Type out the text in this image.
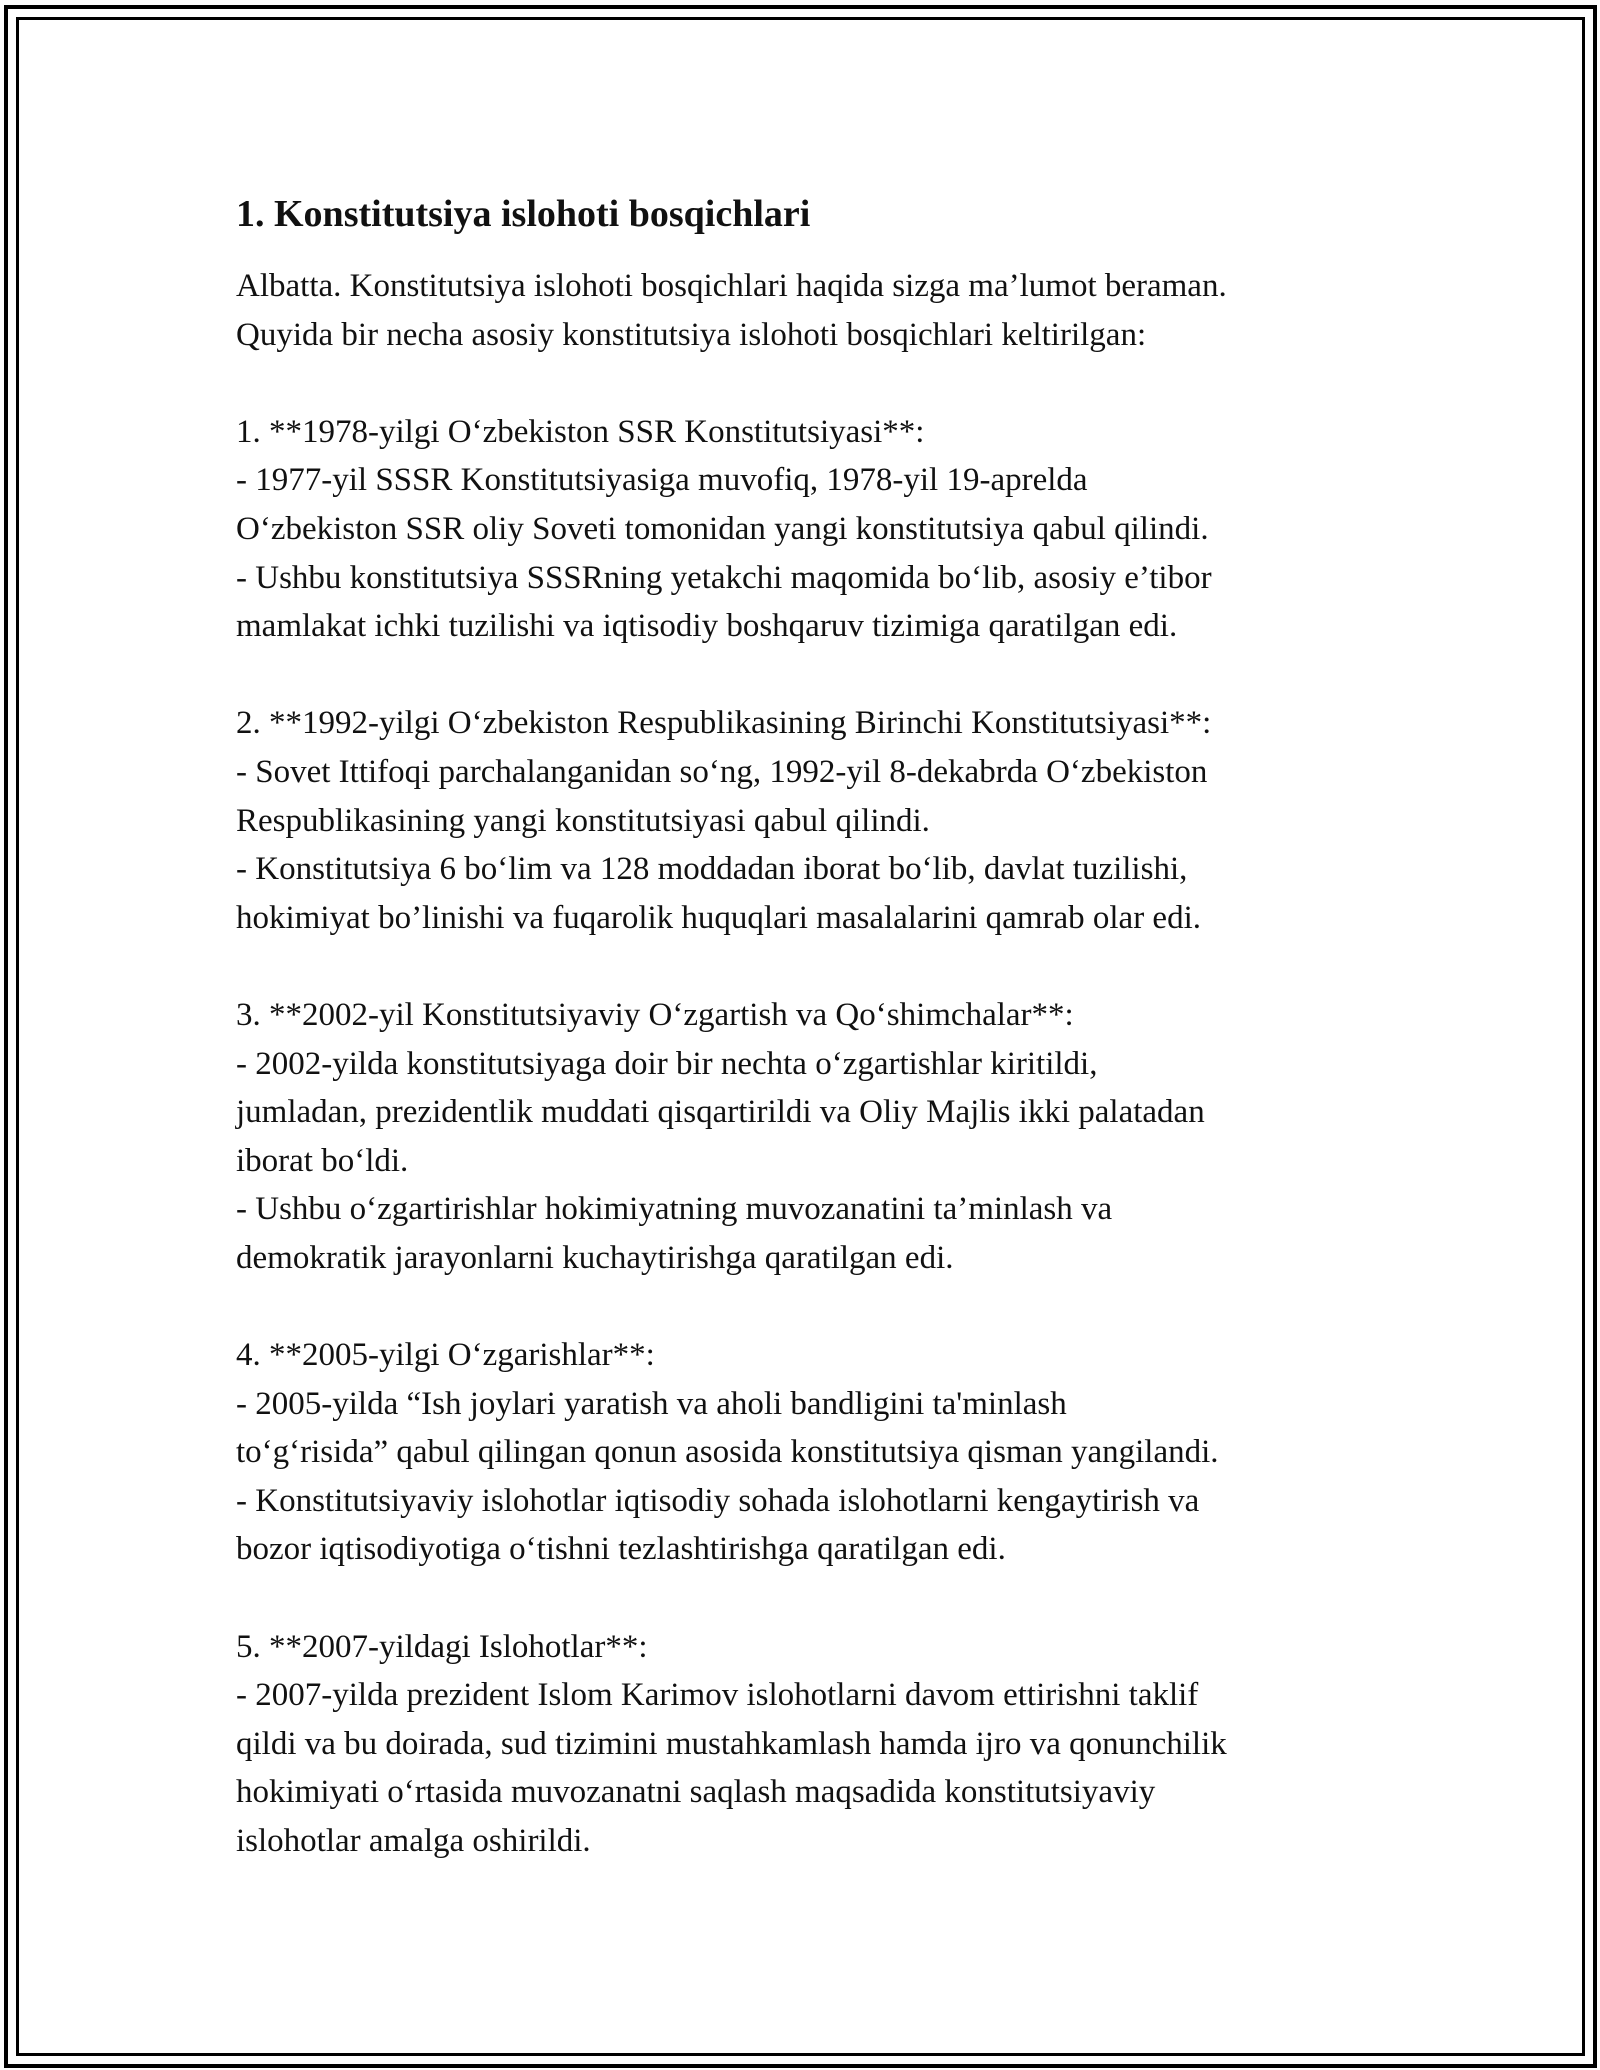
1. Konstitutsiya islohoti bosqichlari
Albatta. Konstitutsiya islohoti bosqichlari haqida sizga ma’lumot beraman.
Quyida bir necha asosiy konstitutsiya islohoti bosqichlari keltirilgan:
1. **1978-yilgi O‘zbekiston SSR Konstitutsiyasi**:
- 1977-yil SSSR Konstitutsiyasiga muvofiq, 1978-yil 19-aprelda
O‘zbekiston SSR oliy Soveti tomonidan yangi konstitutsiya qabul qilindi.
- Ushbu konstitutsiya SSSRning yetakchi maqomida bo‘lib, asosiy e’tibor
mamlakat ichki tuzilishi va iqtisodiy boshqaruv tizimiga qaratilgan edi.
2. **1992-yilgi O‘zbekiston Respublikasining Birinchi Konstitutsiyasi**:
- Sovet Ittifoqi parchalanganidan so‘ng, 1992-yil 8-dekabrda O‘zbekiston
Respublikasining yangi konstitutsiyasi qabul qilindi.
- Konstitutsiya 6 bo‘lim va 128 moddadan iborat bo‘lib, davlat tuzilishi,
hokimiyat bo’linishi va fuqarolik huquqlari masalalarini qamrab olar edi.
3. **2002-yil Konstitutsiyaviy O‘zgartish va Qo‘shimchalar**:
- 2002-yilda konstitutsiyaga doir bir nechta o‘zgartishlar kiritildi,
jumladan, prezidentlik muddati qisqartirildi va Oliy Majlis ikki palatadan
iborat bo‘ldi.
- Ushbu o‘zgartirishlar hokimiyatning muvozanatini ta’minlash va
demokratik jarayonlarni kuchaytirishga qaratilgan edi.
4. **2005-yilgi O‘zgarishlar**:
- 2005-yilda “Ish joylari yaratish va aholi bandligini ta'minlash
to‘g‘risida” qabul qilingan qonun asosida konstitutsiya qisman yangilandi.
- Konstitutsiyaviy islohotlar iqtisodiy sohada islohotlarni kengaytirish va
bozor iqtisodiyotiga o‘tishni tezlashtirishga qaratilgan edi.
5. **2007-yildagi Islohotlar**:
- 2007-yilda prezident Islom Karimov islohotlarni davom ettirishni taklif
qildi va bu doirada, sud tizimini mustahkamlash hamda ijro va qonunchilik
hokimiyati o‘rtasida muvozanatni saqlash maqsadida konstitutsiyaviy
islohotlar amalga oshirildi.
